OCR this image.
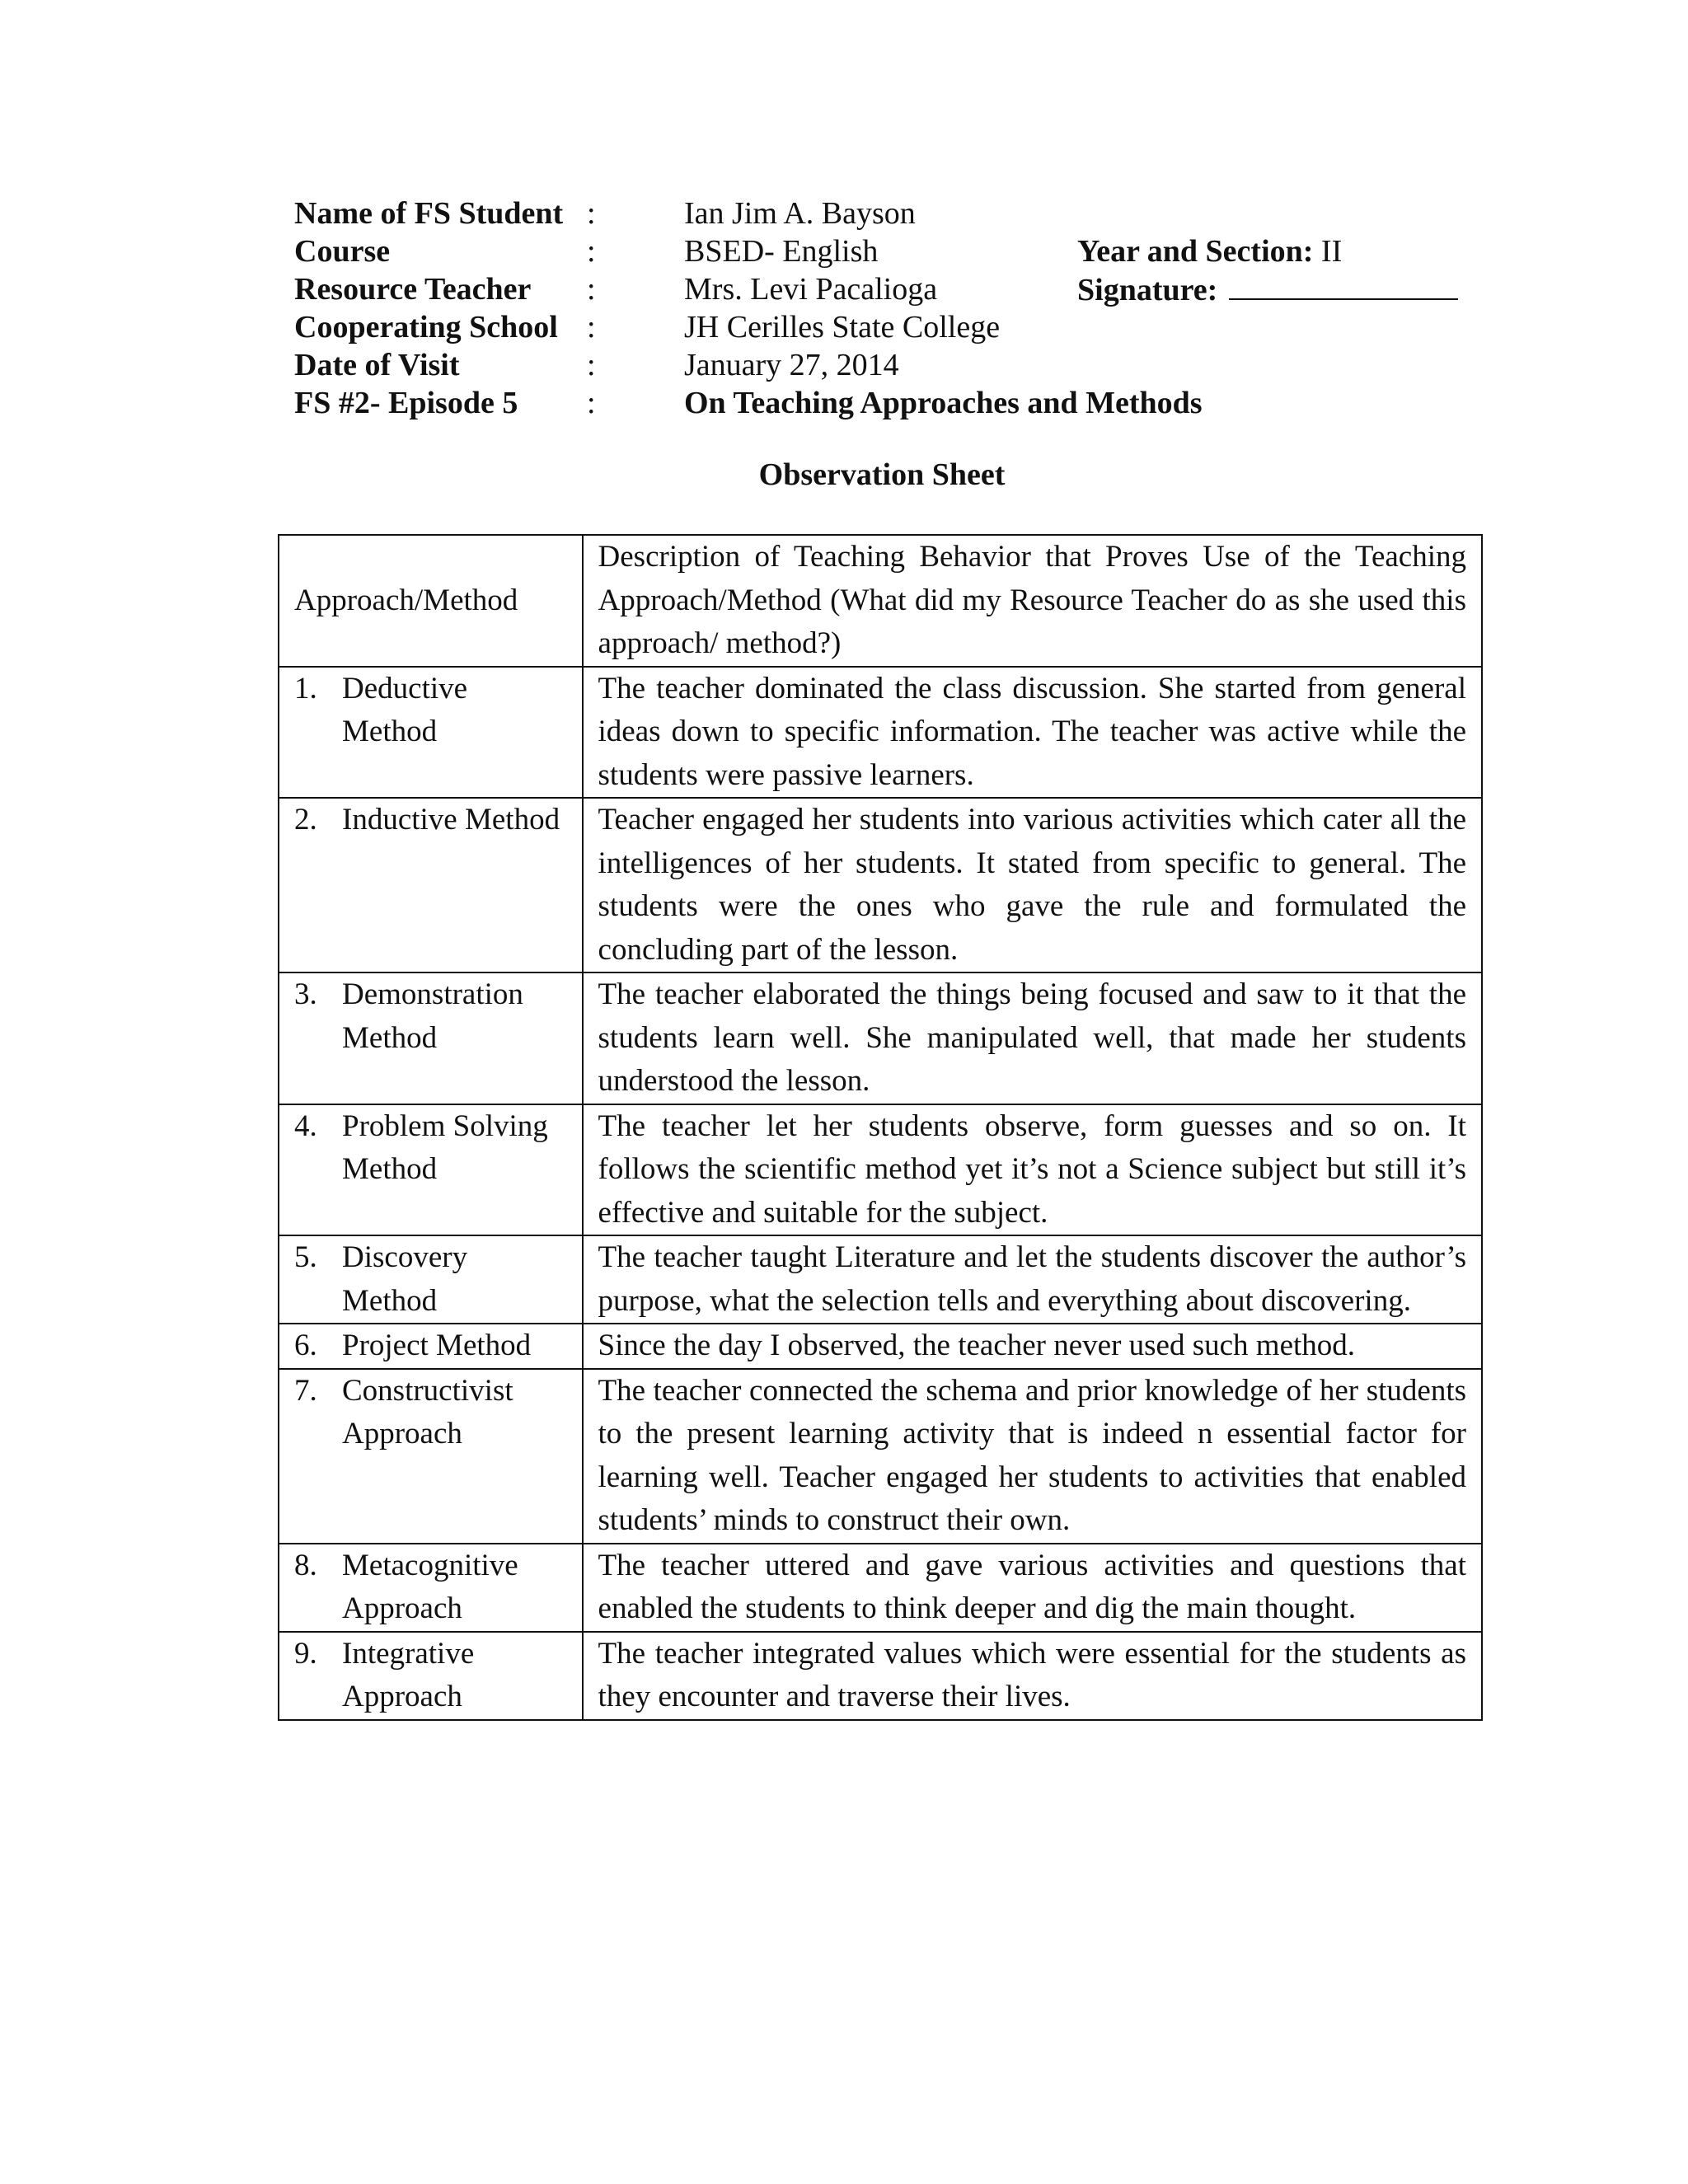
Name of FS Student :	Ian Jim A. Bayson
Course	:	BSED- English	Year and Section: II
Resource Teacher :	Mrs. Levi Pacalioga	Signature:
Cooperating School :	JH Cerilles State College
Date of Visit	:	January 27, 2014
FS #2- Episode 5 :	On Teaching Approaches and Methods
Observation Sheet
Approach/Method	Description of Teaching Behavior that Proves Use of the Teaching Approach/Method (What did my Resource Teacher do as she used this approach/ method?)

1. Deductive Method	The teacher dominated the class discussion. She started from general ideas down to specific information. The teacher was active while the students were passive learners.

2. Inductive Method	Teacher engaged her students into various activities which cater all the intelligences of her students. It stated from specific to general. The students were the ones who gave the rule and formulated the concluding part of the lesson.

3. Demonstration Method	The teacher elaborated the things being focused and saw to it that the students learn well. She manipulated well, that made her students understood the lesson.

4. Problem Solving Method	The teacher let her students observe, form guesses and so on. It follows the scientific method yet it’s not a Science subject but still it’s effective and suitable for the subject.

5. Discovery Method	The teacher taught Literature and let the students discover the author’s purpose, what the selection tells and everything about discovering.

6. Project Method	Since the day I observed, the teacher never used such method.

7. Constructivist Approach	The teacher connected the schema and prior knowledge of her students to the present learning activity that is indeed n essential factor for learning well. Teacher engaged her students to activities that enabled students’ minds to construct their own.

8. Metacognitive Approach	The teacher uttered and gave various activities and questions that enabled the students to think deeper and dig the main thought.

9. Integrative Approach	The teacher integrated values which were essential for the students as they encounter and traverse their lives.
